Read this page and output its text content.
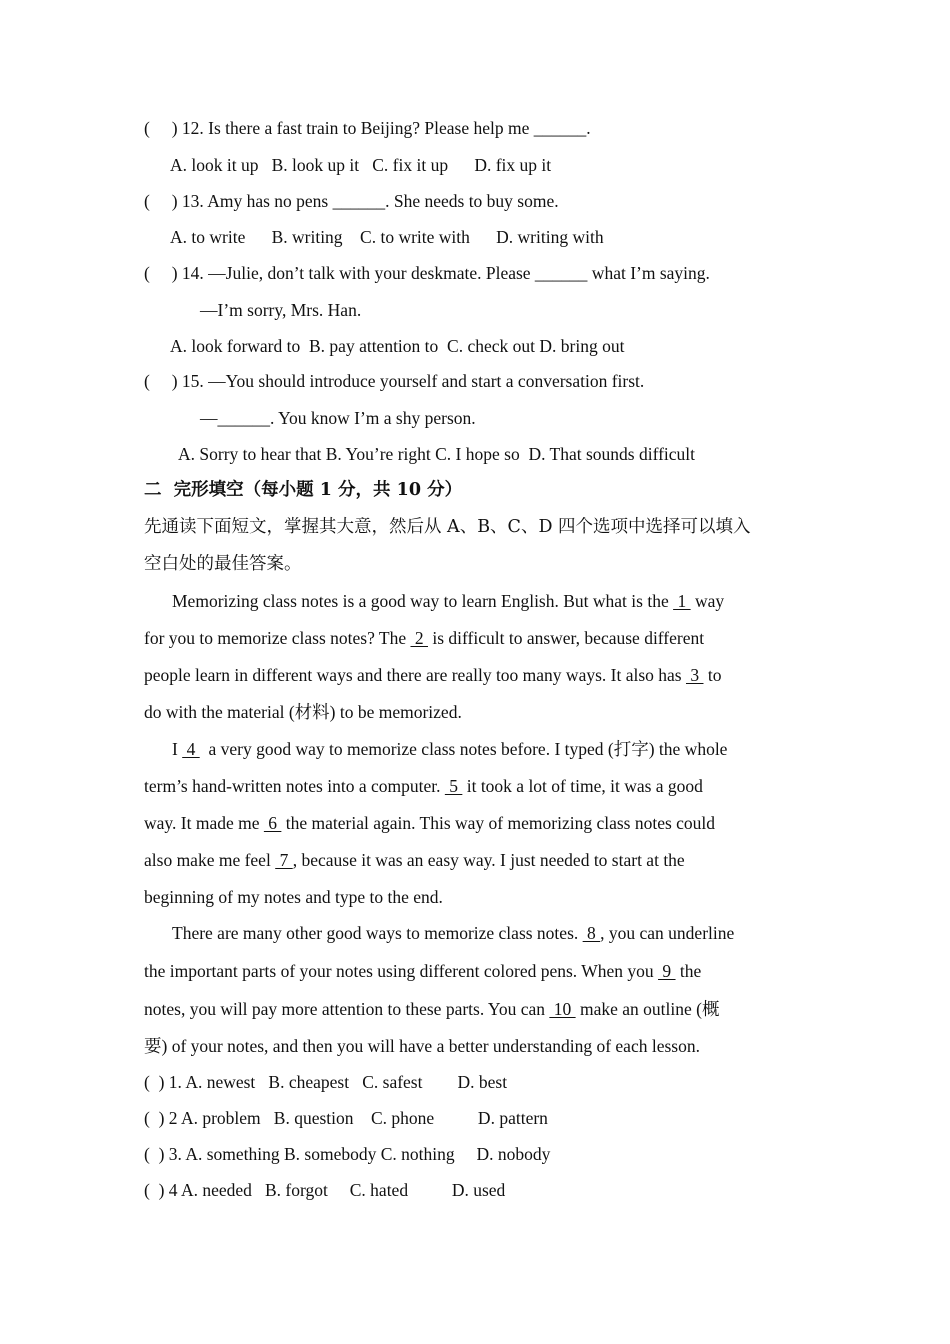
(     ) 12. Is there a fast train to Beijing? Please help me ______.
A. look it up   B. look up it   C. fix it up      D. fix up it
(     ) 13. Amy has no pens ______. She needs to buy some.
A. to write      B. writing    C. to write with      D. writing with
(     ) 14. —Julie, don’t talk with your deskmate. Please ______ what I’m saying.
—I’m sorry, Mrs. Han.
A. look forward to  B. pay attention to  C. check out D. bring out
(     ) 15. —You should introduce yourself and start a conversation first.
—______. You know I’m a shy person.
A. Sorry to hear that B. You’re right C. I hope so  D. That sounds difficult
二  完形填空（每小题 1 分，共 10 分）
先通读下面短文，掌握其大意，然后从 A、B、C、D 四个选项中选择可以填入
空白处的最佳答案。
Memorizing class notes is a good way to learn English. But what is the  1  way
for you to memorize class notes? The  2  is difficult to answer, because different
people learn in different ways and there are really too many ways. It also has  3  to
do with the material (材料) to be memorized.
I  4   a very good way to memorize class notes before. I typed (打字) the whole
term’s hand-written notes into a computer.  5  it took a lot of time, it was a good
way. It made me  6  the material again. This way of memorizing class notes could
also make me feel  7 , because it was an easy way. I just needed to start at the
beginning of my notes and type to the end.
There are many other good ways to memorize class notes.  8 , you can underline
the important parts of your notes using different colored pens. When you  9  the
notes, you will pay more attention to these parts. You can  10  make an outline (概
要) of your notes, and then you will have a better understanding of each lesson.
(  ) 1. A. newest   B. cheapest   C. safest        D. best
(  ) 2 A. problem   B. question    C. phone          D. pattern
(  ) 3. A. something B. somebody C. nothing     D. nobody
(  ) 4 A. needed   B. forgot     C. hated          D. used
